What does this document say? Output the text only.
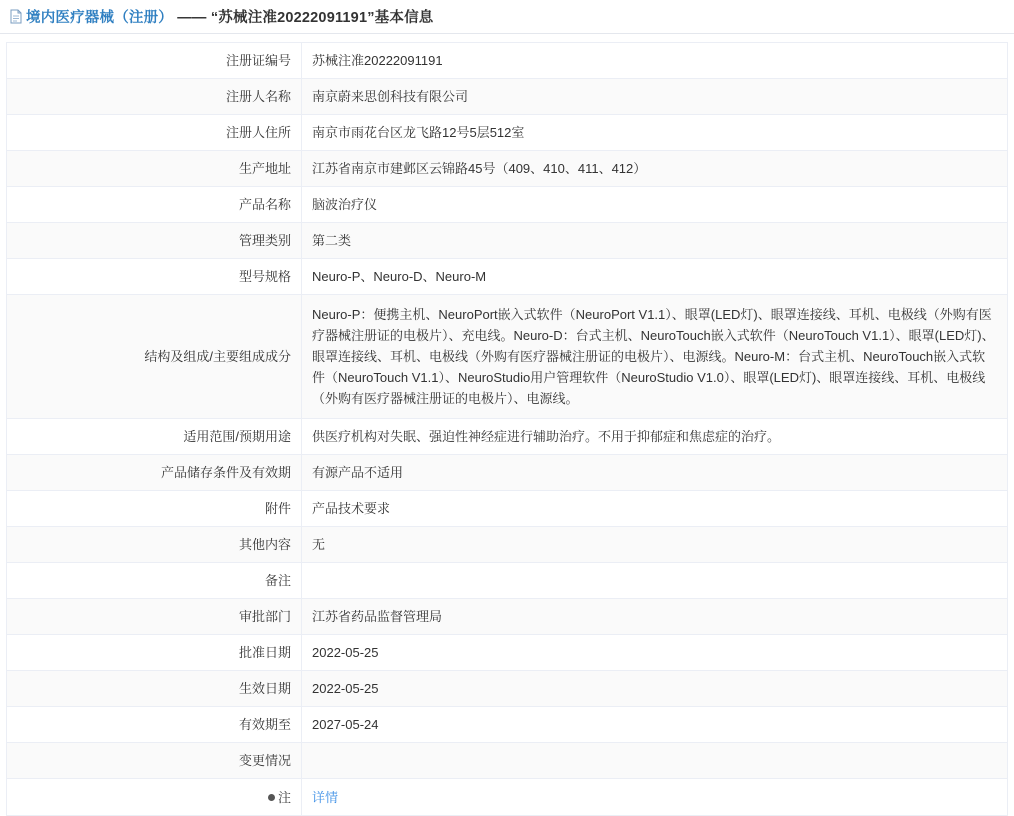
境内医疗器械（注册） —— “苏械注准20222091191”基本信息
注册证编号	苏械注准20222091191
注册人名称	南京蔚来思创科技有限公司
注册人住所	南京市雨花台区龙飞路12号5层512室
生产地址	江苏省南京市建邺区云锦路45号（409、410、411、412）
产品名称	脑波治疗仪
管理类别	第二类
型号规格	Neuro-P、Neuro-D、Neuro-M
结构及组成/主要组成成分	Neuro-P：便携主机、NeuroPort嵌入式软件（NeuroPort V1.1）、眼罩(LED灯)、眼罩连接线、耳机、电极线（外购有医疗器械注册证的电极片）、充电线。Neuro-D：台式主机、NeuroTouch嵌入式软件（NeuroTouch V1.1）、眼罩(LED灯)、眼罩连接线、耳机、电极线（外购有医疗器械注册证的电极片）、电源线。Neuro-M：台式主机、NeuroTouch嵌入式软件（NeuroTouch V1.1）、NeuroStudio用户管理软件（NeuroStudio V1.0）、眼罩(LED灯)、眼罩连接线、耳机、电极线（外购有医疗器械注册证的电极片）、电源线。
适用范围/预期用途	供医疗机构对失眠、强迫性神经症进行辅助治疗。不用于抑郁症和焦虑症的治疗。
产品储存条件及有效期	有源产品不适用
附件	产品技术要求
其他内容	无
备注	
审批部门	江苏省药品监督管理局
批准日期	2022-05-25
生效日期	2022-05-25
有效期至	2027-05-24
变更情况	

注	详情
